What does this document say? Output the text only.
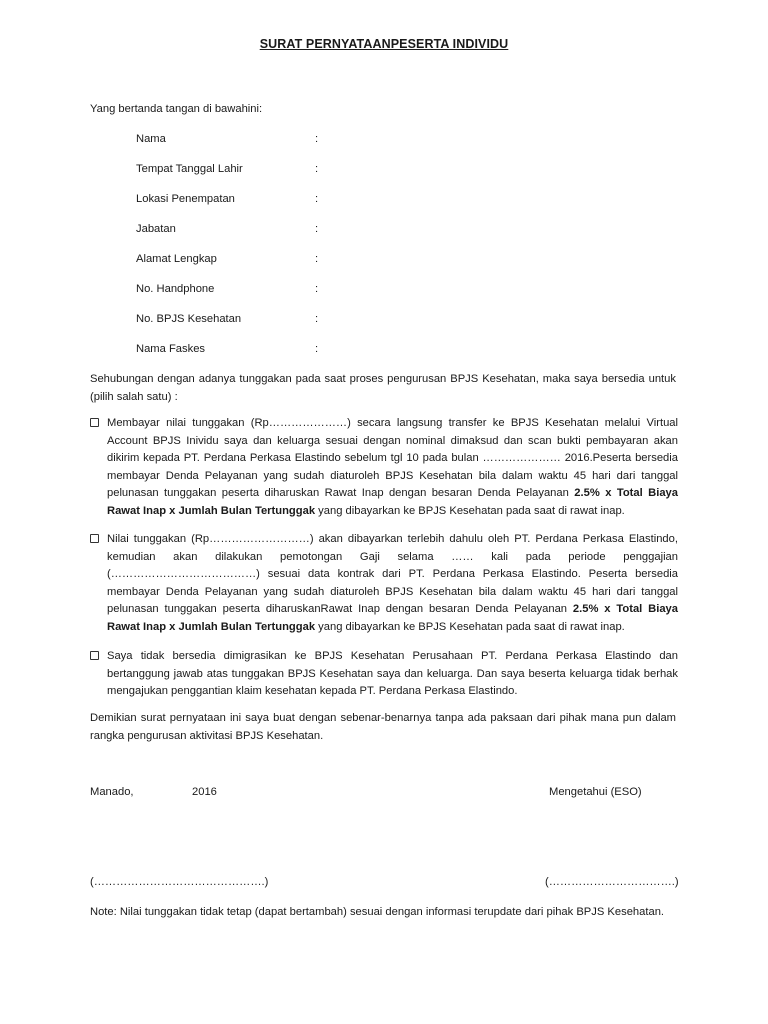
SURAT PERNYATAANPESERTA INDIVIDU
Yang bertanda tangan di bawahini:
Nama	:
Tempat Tanggal Lahir	:
Lokasi Penempatan	:
Jabatan	:
Alamat Lengkap	:
No. Handphone	:
No. BPJS Kesehatan	:
Nama Faskes	:
Sehubungan dengan adanya tunggakan pada saat proses pengurusan BPJS Kesehatan, maka saya bersedia untuk (pilih salah satu) :
Membayar nilai tunggakan (Rp…………………) secara langsung transfer ke BPJS Kesehatan melalui Virtual Account BPJS Inividu saya dan keluarga sesuai dengan nominal dimaksud dan scan bukti pembayaran akan dikirim kepada PT. Perdana Perkasa Elastindo sebelum tgl 10 pada bulan ………………… 2016.Peserta bersedia membayar Denda Pelayanan yang sudah diaturoleh BPJS Kesehatan bila dalam waktu 45 hari dari tanggal pelunasan tunggakan peserta diharuskan Rawat Inap dengan besaran Denda Pelayanan 2.5% x Total Biaya Rawat Inap x Jumlah Bulan Tertunggak yang dibayarkan ke BPJS Kesehatan pada saat di rawat inap.
Nilai tunggakan (Rp………………………) akan dibayarkan terlebih dahulu oleh PT. Perdana Perkasa Elastindo, kemudian akan dilakukan pemotongan Gaji selama …… kali pada periode penggajian (…………………………………) sesuai data kontrak dari PT. Perdana Perkasa Elastindo. Peserta bersedia membayar Denda Pelayanan yang sudah diaturoleh BPJS Kesehatan bila dalam waktu 45 hari dari tanggal pelunasan tunggakan peserta diharuskanRawat Inap dengan besaran Denda Pelayanan 2.5% x Total Biaya Rawat Inap x Jumlah Bulan Tertunggak yang dibayarkan ke BPJS Kesehatan pada saat di rawat inap.
Saya tidak bersedia dimigrasikan ke BPJS Kesehatan Perusahaan PT. Perdana Perkasa Elastindo dan bertanggung jawab atas tunggakan BPJS Kesehatan saya dan keluarga. Dan saya beserta keluarga tidak berhak mengajukan penggantian klaim kesehatan kepada PT. Perdana Perkasa Elastindo.
Demikian surat pernyataan ini saya buat dengan sebenar-benarnya tanpa ada paksaan dari pihak mana pun dalam rangka pengurusan aktivitasi BPJS Kesehatan.
Manado,	2016	Mengetahui (ESO)
(……………………………………….)	(…………………………….)
Note: Nilai tunggakan tidak tetap (dapat bertambah) sesuai dengan informasi terupdate dari pihak BPJS Kesehatan.
